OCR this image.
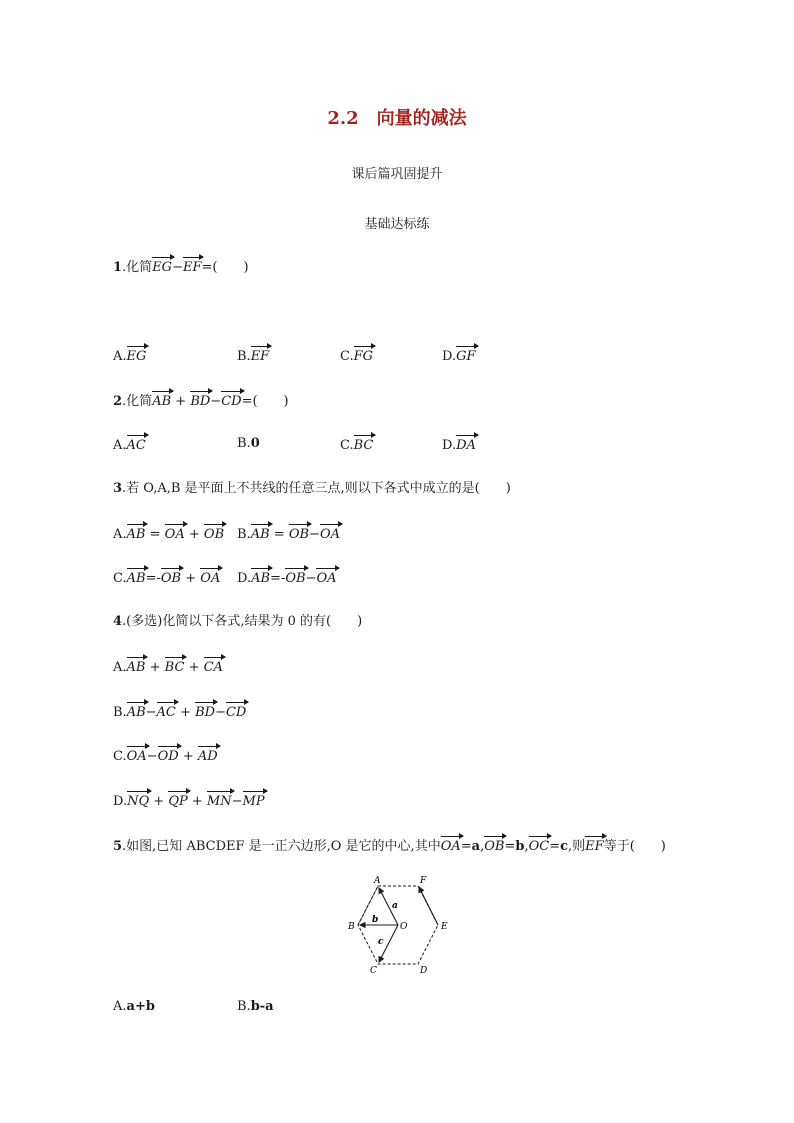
2.2　向量的减法
课后篇巩固提升
基础达标练
1.化简EG−EF=(　　)
A.EG	B.EF	C.FG	D.GF
2.化简AB + BD−CD=(　　)
A.AC	B.0	C.BC	D.DA
3.若 O,A,B 是平面上不共线的任意三点,则以下各式中成立的是(　　)
A.AB = OA + OB B.AB = OB−OA
C.AB=-OB + OA D.AB=-OB−OA
4.(多选)化简以下各式,结果为 0 的有(　　)
A.AB + BC + CA
B.AB−AC + BD−CD
C.OA−OD + AD
D.NQ + QP + MN−MP
5.如图,已知 ABCDEF 是一正六边形,O 是它的中心,其中OA=a,OB=b,OC=c,则EF等于(　　)
A	F
E
D
C
B	O
a
b
c
A.a+b	B.b-a
